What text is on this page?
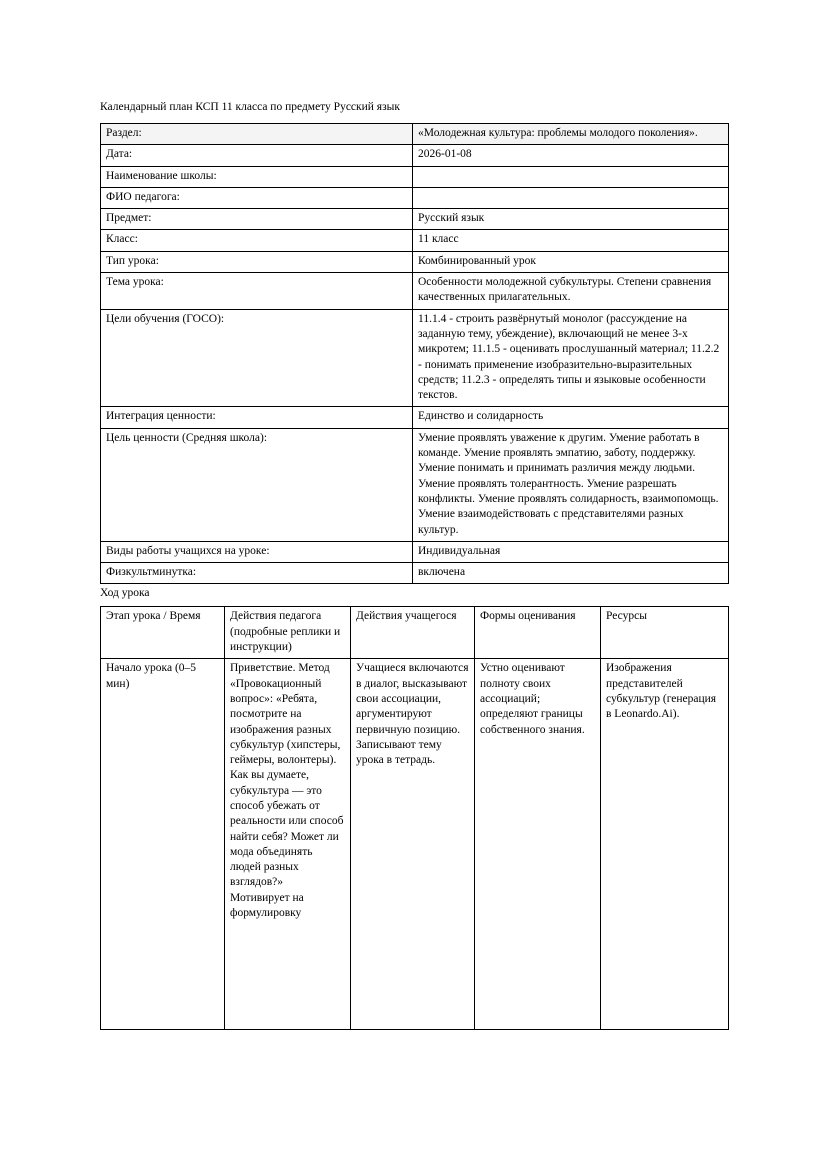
Календарный план КСП 11 класса по предмету Русский язык

Раздел:	«Молодежная культура: проблемы молодого поколения».
Дата:	2026-01-08
Наименование школы:	
ФИО педагога:	
Предмет:	Русский язык
Класс:	11 класс
Тип урока:	Комбинированный урок
Тема урока:	Особенности молодежной субкультуры. Степени сравнения качественных прилагательных.
Цели обучения (ГОСО):	11.1.4 - строить развёрнутый монолог (рассуждение на заданную тему, убеждение), включающий не менее 3-х микротем; 11.1.5 - оценивать прослушанный материал; 11.2.2 - понимать применение изобразительно-выразительных средств; 11.2.3 - определять типы и языковые особенности текстов.
Интеграция ценности:	Единство и солидарность
Цель ценности (Средняя школа):	Умение проявлять уважение к другим. Умение работать в команде. Умение проявлять эмпатию, заботу, поддержку. Умение понимать и принимать различия между людьми. Умение проявлять толерантность. Умение разрешать конфликты. Умение проявлять солидарность, взаимопомощь. Умение взаимодействовать с представителями разных культур.
Виды работы учащихся на уроке:	Индивидуальная
Физкультминутка:	включена

Ход урока

Этап урока / Время	Действия педагога (подробные реплики и инструкции)	Действия учащегося	Формы оценивания	Ресурсы

Начало урока (0–5 мин)	Приветствие. Метод «Провокационный вопрос»: «Ребята, посмотрите на изображения разных субкультур (хипстеры, геймеры, волонтеры). Как вы думаете, субкультура — это способ убежать от реальности или способ найти себя? Может ли мода объединять людей разных взглядов?» Мотивирует на формулировку	Учащиеся включаются в диалог, высказывают свои ассоциации, аргументируют первичную позицию. Записывают тему урока в тетрадь.	Устно оценивают полноту своих ассоциаций; определяют границы собственного знания.	Изображения представителей субкультур (генерация в Leonardo.Ai).
